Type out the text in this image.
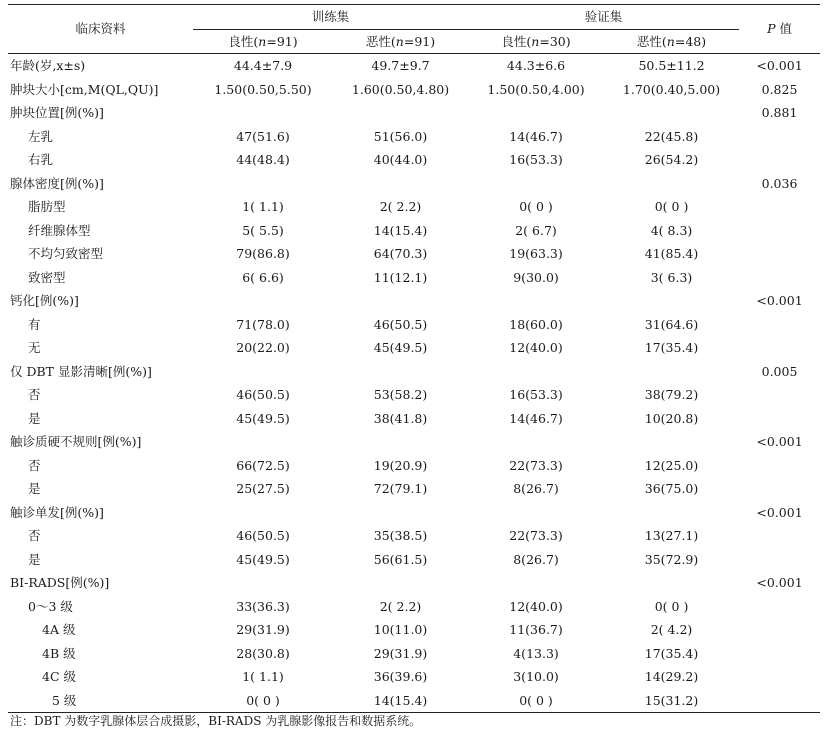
临床资料	训练集		验证集		P 值
	良性(n=91)	恶性(n=91)	良性(n=30)	恶性(n=48)	
年龄(岁,x±s)	44.4±7.9	49.7±9.7	44.3±6.6	50.5±11.2	<0.001
肿块大小[cm,M(QL,QU)]	1.50(0.50,5.50)	1.60(0.50,4.80)	1.50(0.50,4.00)	1.70(0.40,5.00)	0.825
肿块位置[例(%)]					0.881
左乳	47(51.6)	51(56.0)	14(46.7)	22(45.8)	
右乳	44(48.4)	40(44.0)	16(53.3)	26(54.2)	
腺体密度[例(%)]					0.036
脂肪型	1( 1.1)	2( 2.2)	0( 0 )	0( 0 )	
纤维腺体型	5( 5.5)	14(15.4)	2( 6.7)	4( 8.3)	
不均匀致密型	79(86.8)	64(70.3)	19(63.3)	41(85.4)	
致密型	6( 6.6)	11(12.1)	9(30.0)	3( 6.3)	
钙化[例(%)]					<0.001
有	71(78.0)	46(50.5)	18(60.0)	31(64.6)	
无	20(22.0)	45(49.5)	12(40.0)	17(35.4)	
仅 DBT 显影清晰[例(%)]					0.005
否	46(50.5)	53(58.2)	16(53.3)	38(79.2)	
是	45(49.5)	38(41.8)	14(46.7)	10(20.8)	
触诊质硬不规则[例(%)]					<0.001
否	66(72.5)	19(20.9)	22(73.3)	12(25.0)	
是	25(27.5)	72(79.1)	8(26.7)	36(75.0)	
触诊单发[例(%)]					<0.001
否	46(50.5)	35(38.5)	22(73.3)	13(27.1)	
是	45(49.5)	56(61.5)	8(26.7)	35(72.9)	
BI-RADS[例(%)]					<0.001
0～3 级	33(36.3)	2( 2.2)	12(40.0)	0( 0 )	
4A 级	29(31.9)	10(11.0)	11(36.7)	2( 4.2)	
4B 级	28(30.8)	29(31.9)	4(13.3)	17(35.4)	
4C 级	1( 1.1)	36(39.6)	3(10.0)	14(29.2)	
5 级	0( 0 )	14(15.4)	0( 0 )	15(31.2)	
注：DBT 为数字乳腺体层合成摄影，BI-RADS 为乳腺影像报告和数据系统。
